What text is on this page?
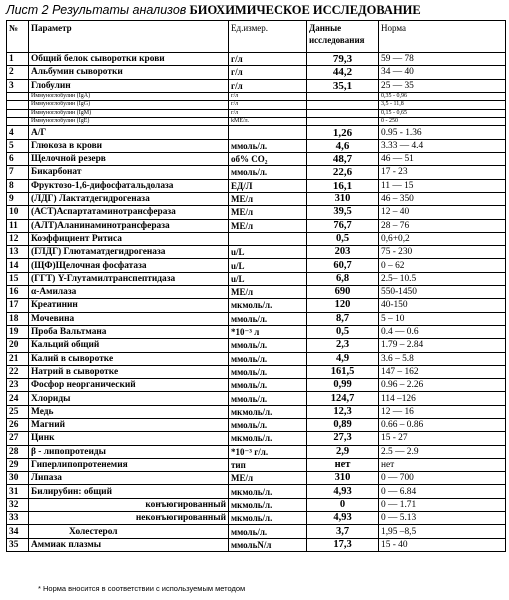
Лист 2 Результаты анализов БИОХИМИЧЕСКОЕ ИССЛЕДОВАНИЕ
№	Параметр	Ед.измер.	Данные исследования	Норма
1	Общий белок сыворотки крови	г/л	79,3	59 — 78
2	Альбумин сыворотки	г/л	44,2	34 — 40
3	Глобулин	г/л	35,1	25 — 35
	Иммуноглобулин (IgA)	г/л		0,35 - 0,96
	Иммуноглобулин (IgG)	г/л		3,5 - 11,8
	Иммуноглобулин (IgM)	г/л		0,15 - 0,65
	Иммуноглобулин (IgE)	kME/л.		0 - 250
4	А/Г		1,26	0.95 - 1.36
5	Глюкоза в крови	ммоль/л.	4,6	3.33 — 4.4
6	Щелочной резерв	об% CO₂	48,7	46 — 51
7	Бикарбонат	ммоль/л.	22,6	17 - 23
8	Фруктозо-1,6-дифосфатальдолаза	ЕД/Л	16,1	11 — 15
9	(ЛДГ) Лактатдегидрогеназа	МЕ/л	310	46 – 350
10	(АСТ)Аспартатаминотрансфераза	МЕ/л	39,5	12 – 40
11	(АЛТ)Аланинаминотрансфераза	МЕ/л	76,7	28 – 76
12	Коэффициент Ритиса		0,5	0,6+0,2
13	(ГЛДГ) Глютаматдегидрогеназа	u/L	203	75 - 230
14	(ЩФ)Щелочная фосфатаза	u/L	60,7	0 – 62
15	(ГГТ) Y-Глутамилтранспептидаза	u/L	6,8	2.5– 10.5
16	α-Амилаза	МЕ/л	690	550-1450
17	Креатинин	мкмоль/л.	120	40-150
18	Мочевина	ммоль/л.	8,7	5 – 10
19	Проба Вальтмана	*10⁻³ л	0,5	0.4 — 0.6
20	Кальций общий	ммоль/л.	2,3	1.79 – 2.84
21	Калий в сыворотке	ммоль/л.	4,9	3.6 – 5.8
22	Натрий в сыворотке	ммоль/л.	161,5	147 – 162
23	Фосфор неорганический	ммоль/л.	0,99	0.96 – 2.26
24	Хлориды	ммоль/л.	124,7	114 –126
25	Медь	мкмоль/л.	12,3	12 — 16
26	Магний	ммоль/л.	0,89	0.66 – 0.86
27	Цинк	мкмоль/л.	27,3	15 - 27
28	β - липопротеиды	*10⁻³ г/л.	2,9	2.5 — 2.9
29	Гиперлипопротенемия	тип	нет	нет
30	Липаза	МЕ/л	310	0 — 700
31	Билирубин: общий	мкмоль/л.	4,93	0 — 6.84
32	конъюгированный	мкмоль/л.	0	0 — 1.71
33	неконъюгированный	мкмоль/л.	4,93	0 — 5.13
34	Холестерол	ммоль/л.	3,7	1,95 –8,5
35	Аммиак плазмы	ммольN/л	17,3	15 - 40
* Норма вносится в соответствии с используемым методом
